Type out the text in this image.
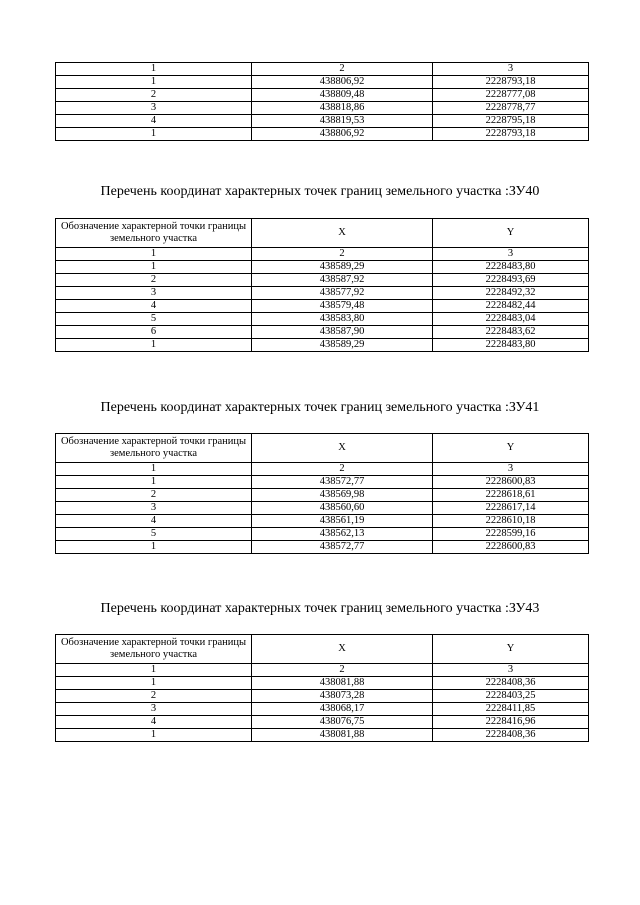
1	2	3
1	438806,92	2228793,18
2	438809,48	2228777,08
3	438818,86	2228778,77
4	438819,53	2228795,18
1	438806,92	2228793,18
Перечень координат характерных точек границ земельного участка :ЗУ40
Обозначение характерной точки границы земельного участка	X	Y
1	2	3
1	438589,29	2228483,80
2	438587,92	2228493,69
3	438577,92	2228492,32
4	438579,48	2228482,44
5	438583,80	2228483,04
6	438587,90	2228483,62
1	438589,29	2228483,80
Перечень координат характерных точек границ земельного участка :ЗУ41
Обозначение характерной точки границы земельного участка	X	Y
1	2	3
1	438572,77	2228600,83
2	438569,98	2228618,61
3	438560,60	2228617,14
4	438561,19	2228610,18
5	438562,13	2228599,16
1	438572,77	2228600,83
Перечень координат характерных точек границ земельного участка :ЗУ43
Обозначение характерной точки границы земельного участка	X	Y
1	2	3
1	438081,88	2228408,36
2	438073,28	2228403,25
3	438068,17	2228411,85
4	438076,75	2228416,96
1	438081,88	2228408,36
